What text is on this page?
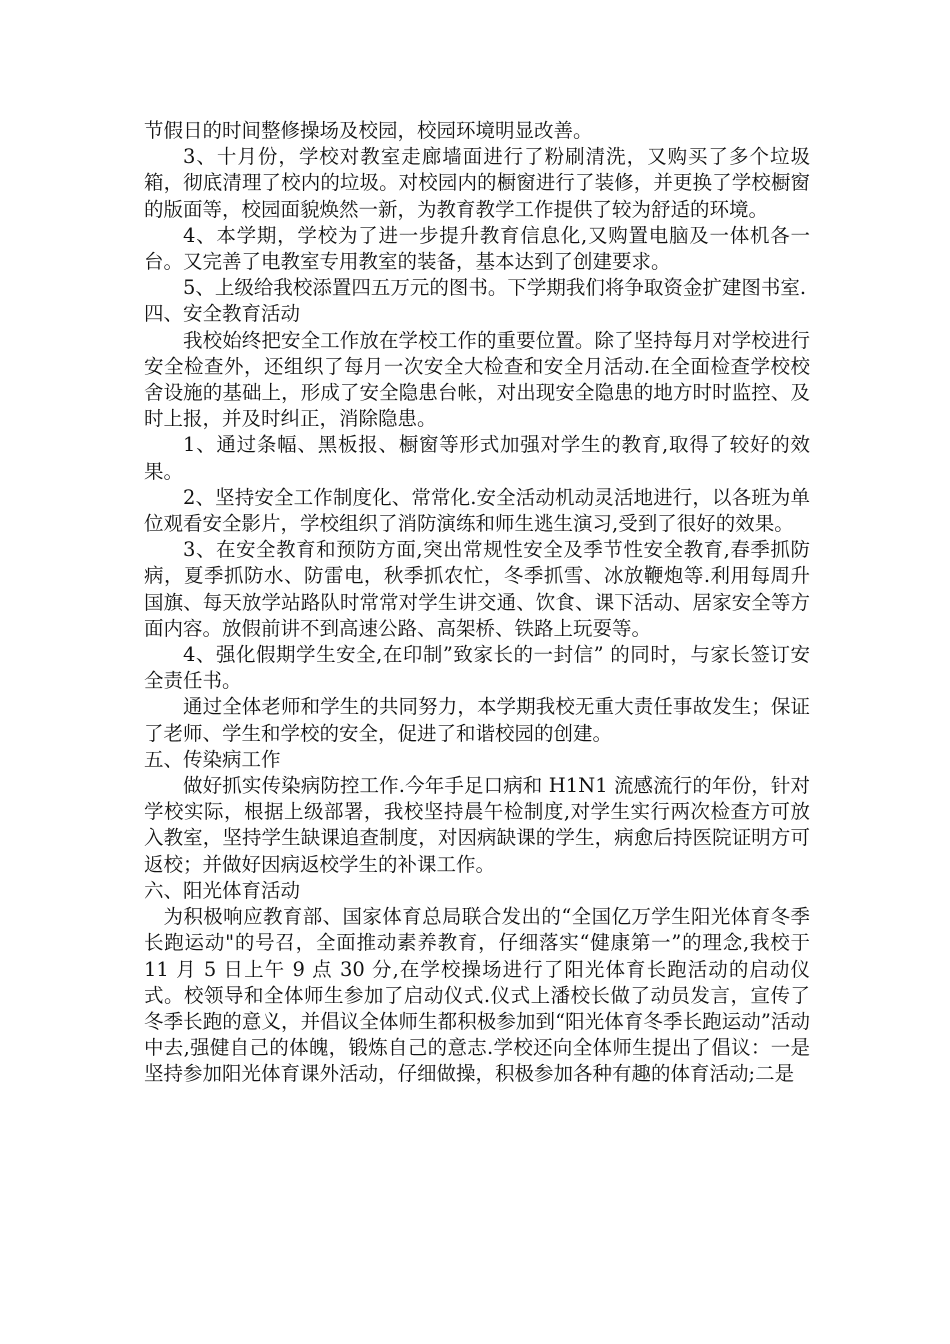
节假日的时间整修操场及校园，校园环境明显改善。

3、十月份，学校对教室走廊墙面进行了粉刷清洗，又购买了多个垃圾箱，彻底清理了校内的垃圾。对校园内的橱窗进行了装修，并更换了学校橱窗的版面等，校园面貌焕然一新，为教育教学工作提供了较为舒适的环境。

4、本学期，学校为了进一步提升教育信息化,又购置电脑及一体机各一台。又完善了电教室专用教室的装备，基本达到了创建要求。

5、上级给我校添置四五万元的图书。下学期我们将争取资金扩建图书室.

四、安全教育活动

我校始终把安全工作放在学校工作的重要位置。除了坚持每月对学校进行安全检查外，还组织了每月一次安全大检查和安全月活动.在全面检查学校校舍设施的基础上，形成了安全隐患台帐，对出现安全隐患的地方时时监控、及时上报，并及时纠正，消除隐患。

1、通过条幅、黑板报、橱窗等形式加强对学生的教育,取得了较好的效果。

2、坚持安全工作制度化、常常化.安全活动机动灵活地进行，以各班为单位观看安全影片，学校组织了消防演练和师生逃生演习,受到了很好的效果。

3、在安全教育和预防方面,突出常规性安全及季节性安全教育,春季抓防病，夏季抓防水、防雷电，秋季抓农忙，冬季抓雪、冰放鞭炮等.利用每周升国旗、每天放学站路队时常常对学生讲交通、饮食、课下活动、居家安全等方面内容。放假前讲不到高速公路、高架桥、铁路上玩耍等。

4、强化假期学生安全,在印制”致家长的一封信” 的同时，与家长签订安全责任书。

通过全体老师和学生的共同努力，本学期我校无重大责任事故发生；保证了老师、学生和学校的安全，促进了和谐校园的创建。

五、传染病工作

做好抓实传染病防控工作.今年手足口病和 H1N1 流感流行的年份，针对学校实际，根据上级部署，我校坚持晨午检制度,对学生实行两次检查方可放入教室，坚持学生缺课追查制度，对因病缺课的学生，病愈后持医院证明方可返校；并做好因病返校学生的补课工作。

六、阳光体育活动

为积极响应教育部、国家体育总局联合发出的“全国亿万学生阳光体育冬季长跑运动"的号召，全面推动素养教育，仔细落实“健康第一”的理念,我校于 11 月 5 日上午 9 点 30 分,在学校操场进行了阳光体育长跑活动的启动仪式。校领导和全体师生参加了启动仪式.仪式上潘校长做了动员发言，宣传了冬季长跑的意义，并倡议全体师生都积极参加到“阳光体育冬季长跑运动”活动中去,强健自己的体魄，锻炼自己的意志.学校还向全体师生提出了倡议：一是坚持参加阳光体育课外活动，仔细做操，积极参加各种有趣的体育活动;二是
